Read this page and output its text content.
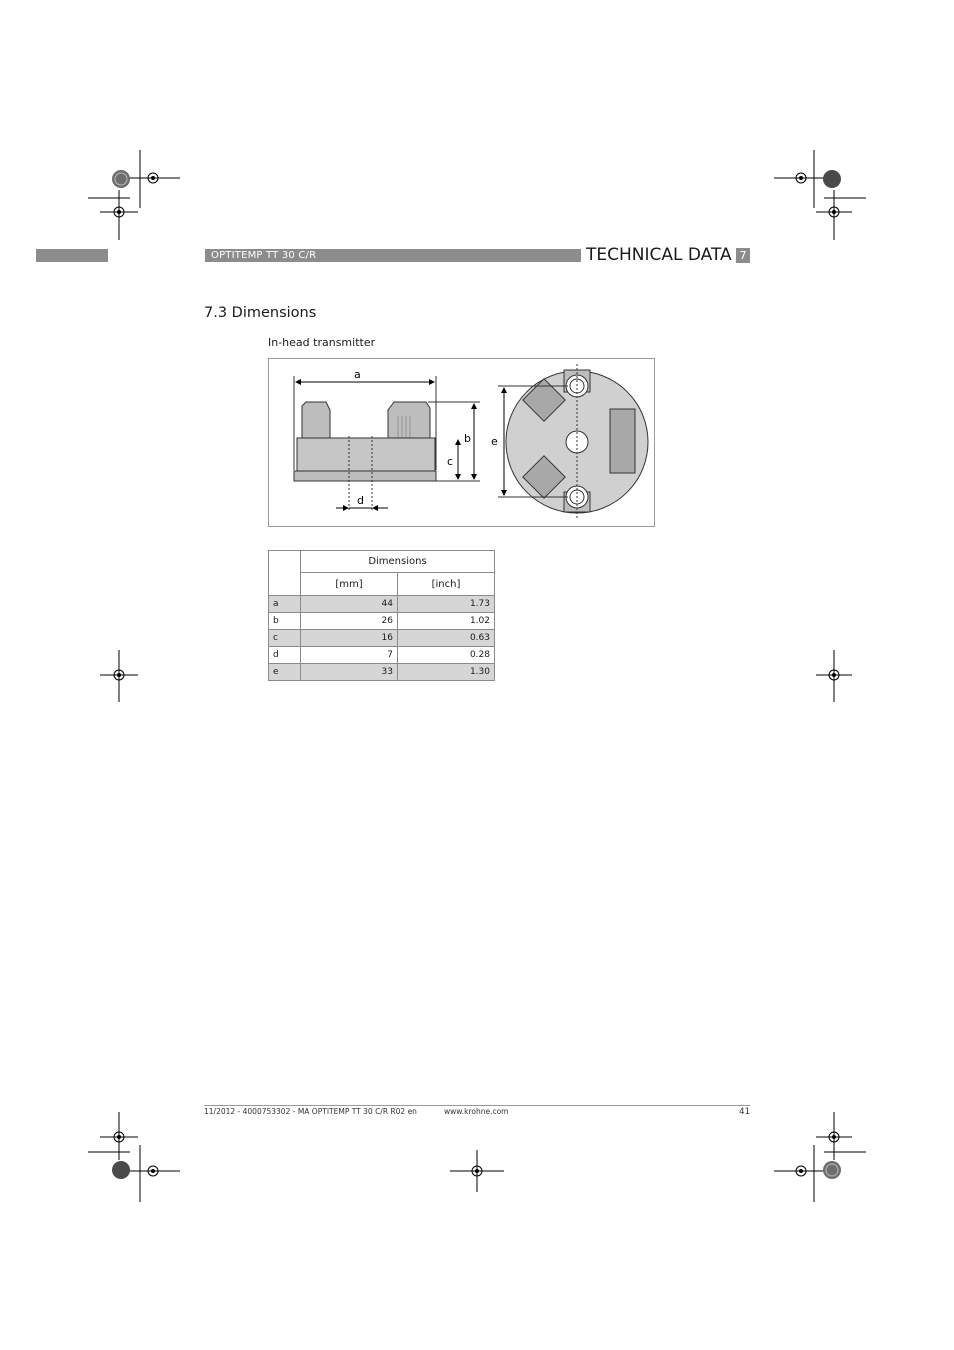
OPTITEMP TT 30 C/R	TECHNICAL DATA 7
7.3 Dimensions
In-head transmitter
a
b
c
d
e
	Dimensions	
	[mm]	[inch]
a	44	1.73
b	26	1.02
c	16	0.63
d	7	0.28
e	33	1.30
11/2012 - 4000753302 - MA OPTITEMP TT 30 C/R R02 en	www.krohne.com	41
